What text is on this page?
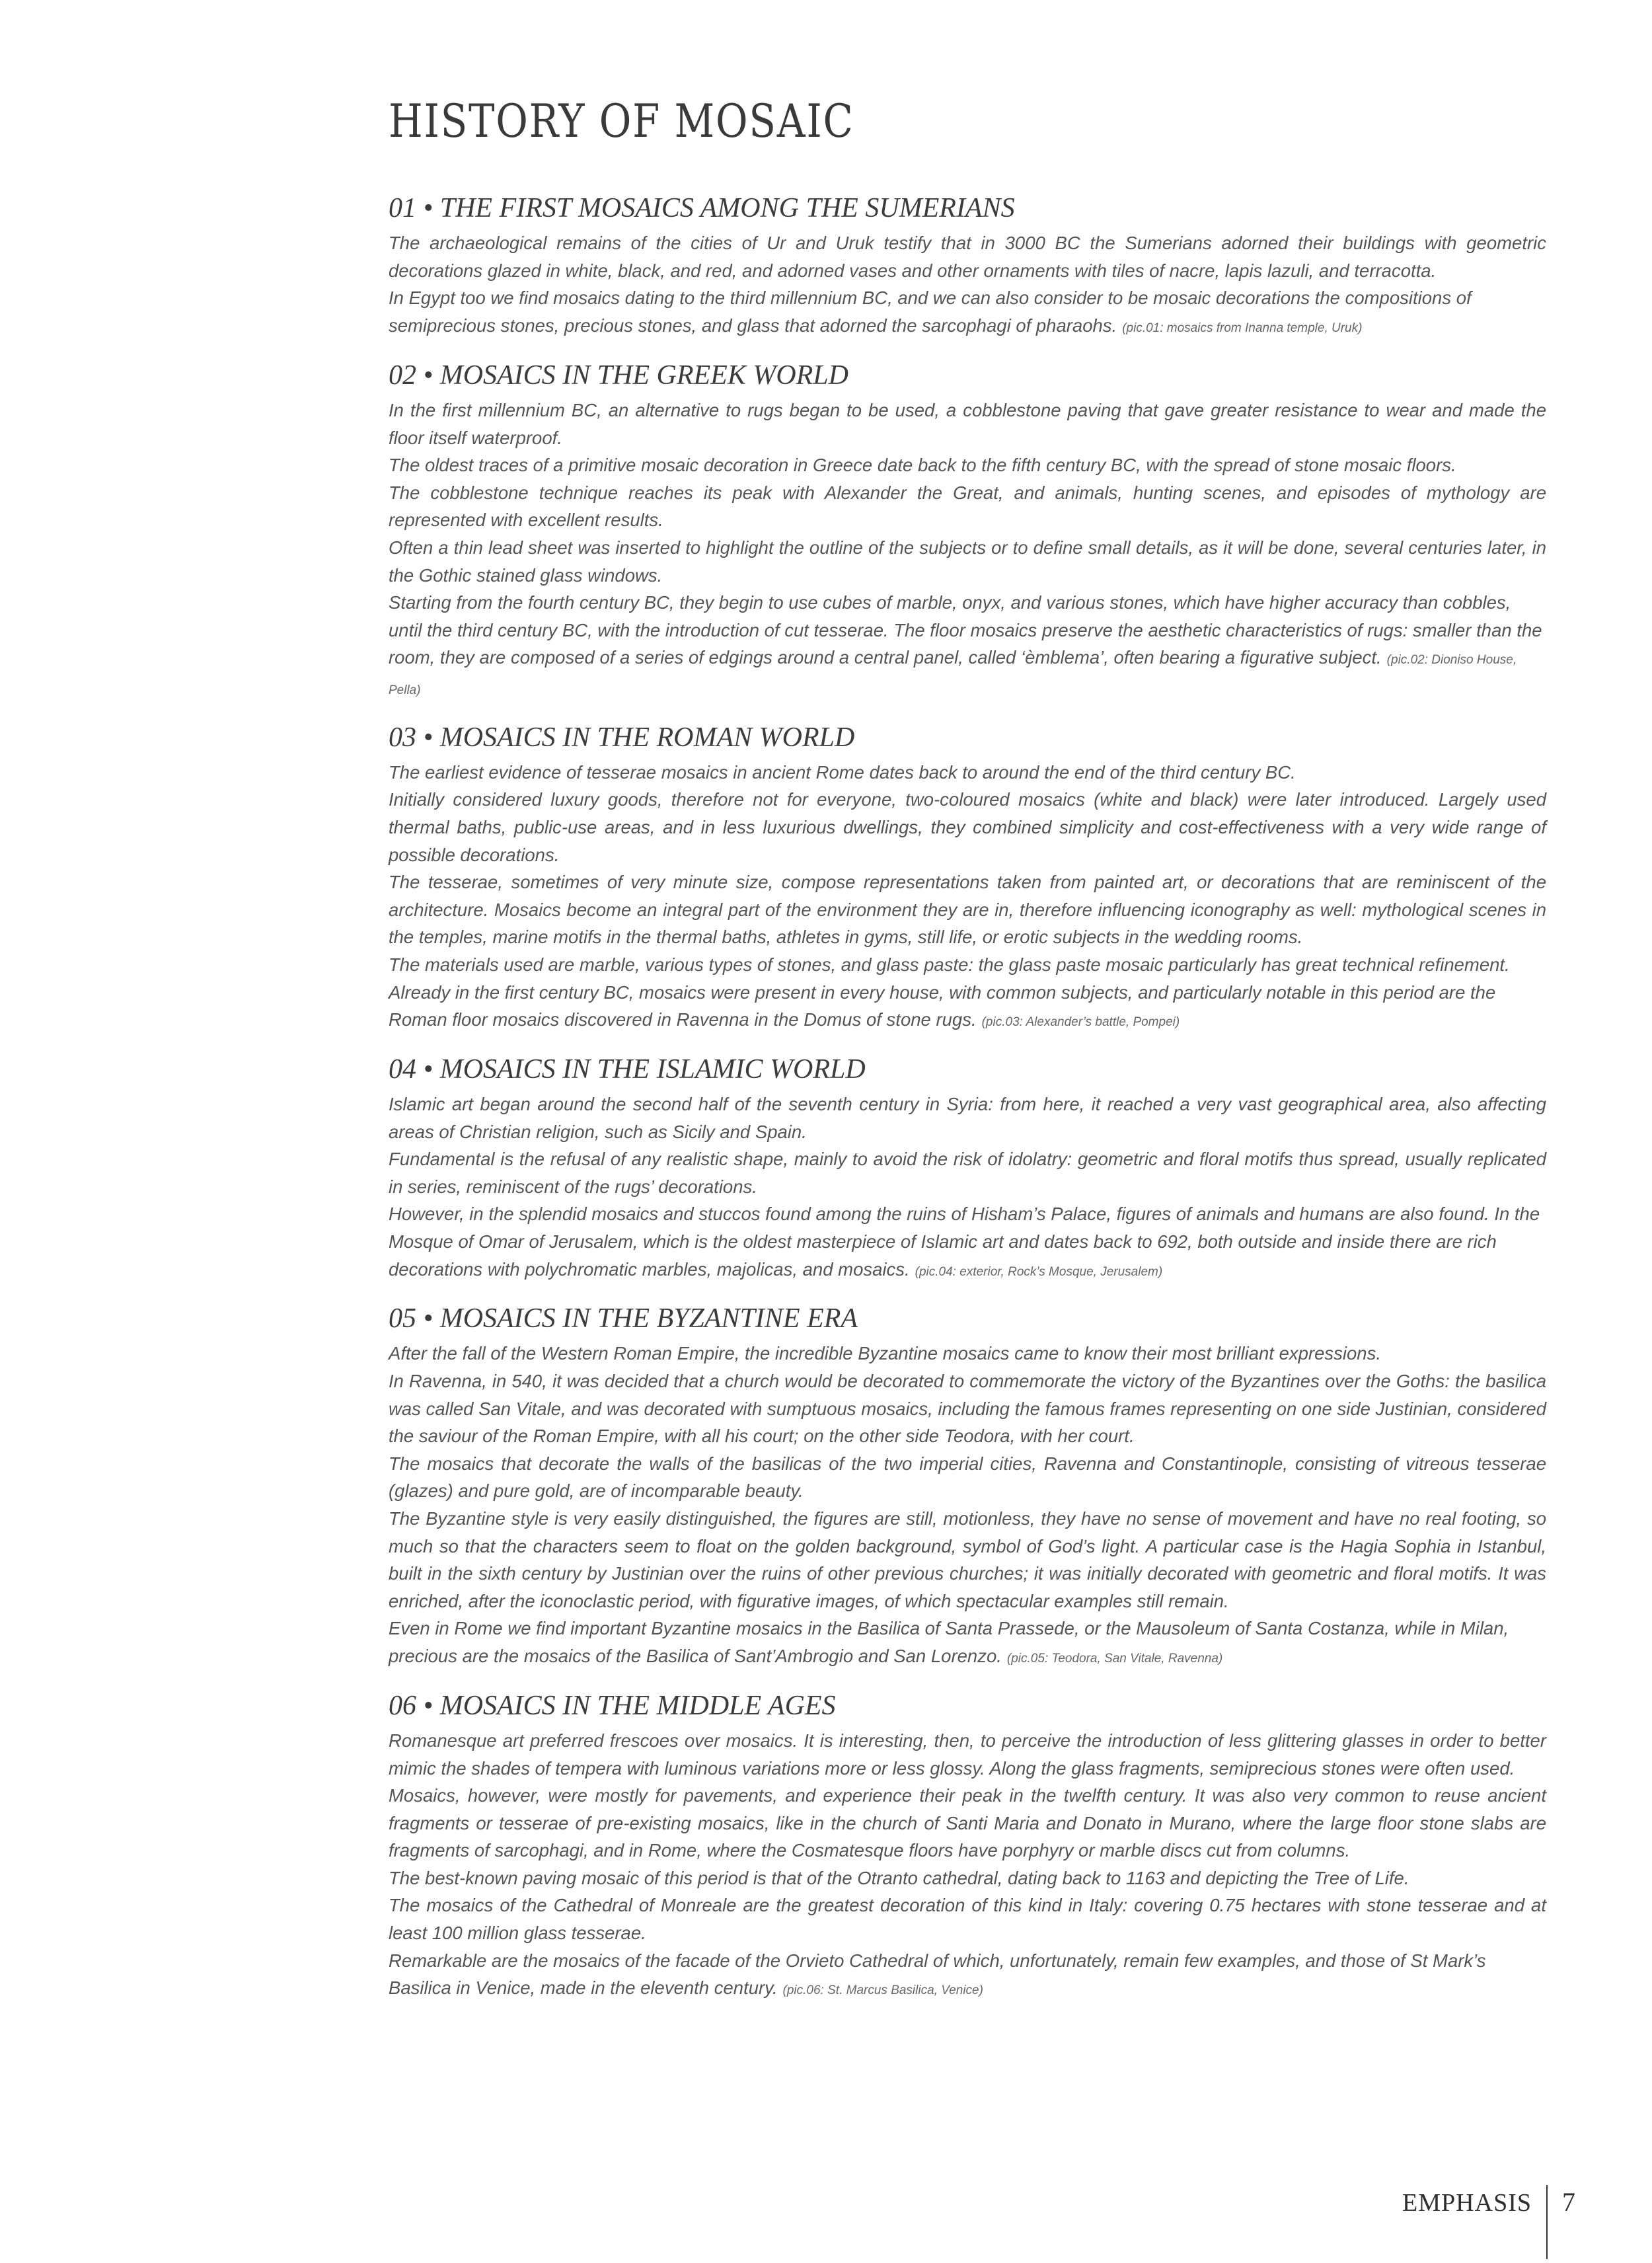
HISTORY OF MOSAIC
01 • THE FIRST MOSAICS AMONG THE SUMERIANS

The archaeological remains of the cities of Ur and Uruk testify that in 3000 BC the Sumerians adorned their buildings with geometric decorations glazed in white, black, and red, and adorned vases and other ornaments with tiles of nacre, lapis lazuli, and terracotta.

In Egypt too we find mosaics dating to the third millennium BC, and we can also consider to be mosaic decorations the compositions of semiprecious stones, precious stones, and glass that adorned the sarcophagi of pharaohs. (pic.01: mosaics from Inanna temple, Uruk)

02 • MOSAICS IN THE GREEK WORLD

In the first millennium BC, an alternative to rugs began to be used, a cobblestone paving that gave greater resistance to wear and made the floor itself waterproof.

The oldest traces of a primitive mosaic decoration in Greece date back to the fifth century BC, with the spread of stone mosaic floors.

The cobblestone technique reaches its peak with Alexander the Great, and animals, hunting scenes, and episodes of mythology are represented with excellent results.

Often a thin lead sheet was inserted to highlight the outline of the subjects or to define small details, as it will be done, several centuries later, in the Gothic stained glass windows.

Starting from the fourth century BC, they begin to use cubes of marble, onyx, and various stones, which have higher accuracy than cobbles, until the third century BC, with the introduction of cut tesserae. The floor mosaics preserve the aesthetic characteristics of rugs: smaller than the room, they are composed of a series of edgings around a central panel, called ‘èmblema’, often bearing a figurative subject. (pic.02: Dioniso House, Pella)

03 • MOSAICS IN THE ROMAN WORLD

The earliest evidence of tesserae mosaics in ancient Rome dates back to around the end of the third century BC.

Initially considered luxury goods, therefore not for everyone, two-coloured mosaics (white and black) were later introduced. Largely used thermal baths, public-use areas, and in less luxurious dwellings, they combined simplicity and cost-effectiveness with a very wide range of possible decorations.

The tesserae, sometimes of very minute size, compose representations taken from painted art, or decorations that are reminiscent of the architecture. Mosaics become an integral part of the environment they are in, therefore influencing iconography as well: mythological scenes in the temples, marine motifs in the thermal baths, athletes in gyms, still life, or erotic subjects in the wedding rooms.

The materials used are marble, various types of stones, and glass paste: the glass paste mosaic particularly has great technical refinement. Already in the first century BC, mosaics were present in every house, with common subjects, and particularly notable in this period are the Roman floor mosaics discovered in Ravenna in the Domus of stone rugs. (pic.03: Alexander’s battle, Pompei)

04 • MOSAICS IN THE ISLAMIC WORLD

Islamic art began around the second half of the seventh century in Syria: from here, it reached a very vast geographical area, also affecting areas of Christian religion, such as Sicily and Spain.

Fundamental is the refusal of any realistic shape, mainly to avoid the risk of idolatry: geometric and floral motifs thus spread, usually replicated in series, reminiscent of the rugs’ decorations.

However, in the splendid mosaics and stuccos found among the ruins of Hisham’s Palace, figures of animals and humans are also found. In the Mosque of Omar of Jerusalem, which is the oldest masterpiece of Islamic art and dates back to 692, both outside and inside there are rich decorations with polychromatic marbles, majolicas, and mosaics. (pic.04: exterior, Rock’s Mosque, Jerusalem)

05 • MOSAICS IN THE BYZANTINE ERA

After the fall of the Western Roman Empire, the incredible Byzantine mosaics came to know their most brilliant expressions.

In Ravenna, in 540, it was decided that a church would be decorated to commemorate the victory of the Byzantines over the Goths: the basilica was called San Vitale, and was decorated with sumptuous mosaics, including the famous frames representing on one side Justinian, considered the saviour of the Roman Empire, with all his court; on the other side Teodora, with her court.

The mosaics that decorate the walls of the basilicas of the two imperial cities, Ravenna and Constantinople, consisting of vitreous tesserae (glazes) and pure gold, are of incomparable beauty.

The Byzantine style is very easily distinguished, the figures are still, motionless, they have no sense of movement and have no real footing, so much so that the characters seem to float on the golden background, symbol of God’s light. A particular case is the Hagia Sophia in Istanbul, built in the sixth century by Justinian over the ruins of other previous churches; it was initially decorated with geometric and floral motifs. It was enriched, after the iconoclastic period, with figurative images, of which spectacular examples still remain.

Even in Rome we find important Byzantine mosaics in the Basilica of Santa Prassede, or the Mausoleum of Santa Costanza, while in Milan, precious are the mosaics of the Basilica of Sant’Ambrogio and San Lorenzo. (pic.05: Teodora, San Vitale, Ravenna)

06 • MOSAICS IN THE MIDDLE AGES

Romanesque art preferred frescoes over mosaics. It is interesting, then, to perceive the introduction of less glittering glasses in order to better mimic the shades of tempera with luminous variations more or less glossy. Along the glass fragments, semiprecious stones were often used.

Mosaics, however, were mostly for pavements, and experience their peak in the twelfth century. It was also very common to reuse ancient fragments or tesserae of pre-existing mosaics, like in the church of Santi Maria and Donato in Murano, where the large floor stone slabs are fragments of sarcophagi, and in Rome, where the Cosmatesque floors have porphyry or marble discs cut from columns.

The best-known paving mosaic of this period is that of the Otranto cathedral, dating back to 1163 and depicting the Tree of Life.

The mosaics of the Cathedral of Monreale are the greatest decoration of this kind in Italy: covering 0.75 hectares with stone tesserae and at least 100 million glass tesserae.

Remarkable are the mosaics of the facade of the Orvieto Cathedral of which, unfortunately, remain few examples, and those of St Mark’s Basilica in Venice, made in the eleventh century. (pic.06: St. Marcus Basilica, Venice)

EMPHASIS	7
